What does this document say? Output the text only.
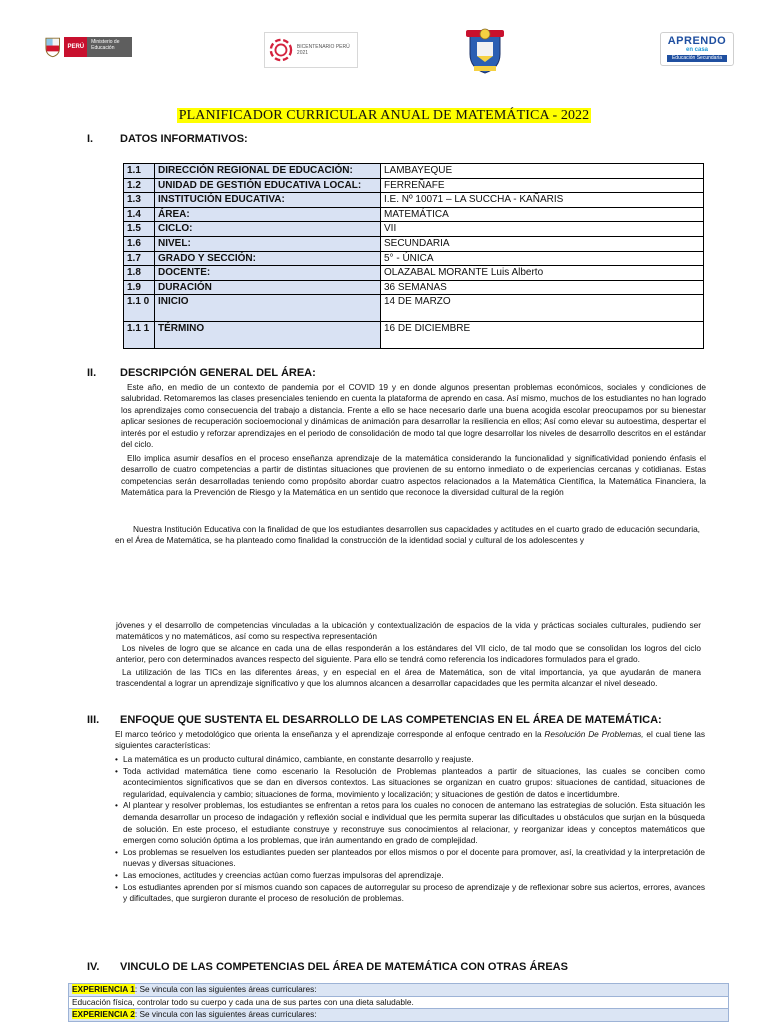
PERÚ
Ministerio de Educación	BICENTENARIO PERÚ 2021
APRENDO
en casa
Educación Secundaria
PLANIFICADOR CURRICULAR ANUAL DE MATEMÁTICA - 2022
I. DATOS INFORMATIVOS:
1.1	DIRECCIÓN REGIONAL DE EDUCACIÓN:	LAMBAYEQUE
1.2	UNIDAD DE GESTIÓN EDUCATIVA LOCAL:	FERREÑAFE
1.3	INSTITUCIÓN EDUCATIVA:	I.E. Nº 10071 – LA SUCCHA - KAÑARIS
1.4	ÁREA:	MATEMÁTICA
1.5	CICLO:	VII
1.6	NIVEL:	SECUNDARIA
1.7	GRADO Y SECCIÓN:	5° - ÚNICA
1.8	DOCENTE:	OLAZABAL MORANTE Luis Alberto
1.9	DURACIÓN	36 SEMANAS
1.1 0	INICIO	14 DE MARZO
1.1 1	TÉRMINO	16 DE DICIEMBRE
II. DESCRIPCIÓN GENERAL DEL ÁREA:
Este año, en medio de un contexto de pandemia por el COVID 19 y en donde algunos presentan problemas económicos, sociales y condiciones de salubridad. Retomaremos las clases presenciales teniendo en cuenta la plataforma de aprendo en casa. Así mismo, muchos de los estudiantes no han logrado los aprendizajes como consecuencia del trabajo a distancia. Frente a ello se hace necesario darle una buena acogida escolar preocupamos por su bienestar aplicar sesiones de recuperación socioemocional y dinámicas de animación para desarrollar la resiliencia en ellos; Así como elevar su autoestima, despertar el interés por el estudio y reforzar aprendizajes en el periodo de consolidación de modo tal que logre desarrollar los niveles de desarrollo descritos en el estándar del ciclo.
Ello implica asumir desafíos en el proceso enseñanza aprendizaje de la matemática considerando la funcionalidad y significatividad poniendo énfasis el desarrollo de cuatro competencias a partir de distintas situaciones que provienen de su entorno inmediato o de experiencias cercanas y cotidianas. Estas competencias serán desarrolladas teniendo como propósito abordar cuatro aspectos relacionados a la Matemática Científica, la Matemática Financiera, la Matemática para la Prevención de Riesgo y la Matemática en un sentido que reconoce la diversidad cultural de la región
Nuestra Institución Educativa con la finalidad de que los estudiantes desarrollen sus capacidades y actitudes en el cuarto grado de educación secundaria, en el Área de Matemática, se ha planteado como finalidad la construcción de la identidad social y cultural de los adolescentes y
jóvenes y el desarrollo de competencias vinculadas a la ubicación y contextualización de espacios de la vida y prácticas sociales culturales, pudiendo ser matemáticos y no matemáticos, así como su respectiva representación
Los niveles de logro que se alcance en cada una de ellas responderán a los estándares del VII ciclo, de tal modo que se consolidan los logros del ciclo anterior, pero con determinados avances respecto del siguiente. Para ello se tendrá como referencia los indicadores formulados para el grado.
La utilización de las TICs en las diferentes áreas, y en especial en el área de Matemática, son de vital importancia, ya que ayudarán de manera trascendental a lograr un aprendizaje significativo y que los alumnos alcancen a desarrollar capacidades que les permita alcanzar el nivel deseado.
III. ENFOQUE QUE SUSTENTA EL DESARROLLO DE LAS COMPETENCIAS EN EL ÁREA DE MATEMÁTICA:
El marco teórico y metodológico que orienta la enseñanza y el aprendizaje corresponde al enfoque centrado en la Resolución De Problemas, el cual tiene las siguientes características:
• La matemática es un producto cultural dinámico, cambiante, en constante desarrollo y reajuste.
• Toda actividad matemática tiene como escenario la Resolución de Problemas planteados a partir de situaciones, las cuales se conciben como acontecimientos significativos que se dan en diversos contextos. Las situaciones se organizan en cuatro grupos: situaciones de cantidad, situaciones de regularidad, equivalencia y cambio; situaciones de forma, movimiento y localización; y situaciones de gestión de datos e incertidumbre.
• Al plantear y resolver problemas, los estudiantes se enfrentan a retos para los cuales no conocen de antemano las estrategias de solución. Esta situación les demanda desarrollar un proceso de indagación y reflexión social e individual que les permita superar las dificultades u obstáculos que surjan en la búsqueda de solución. En este proceso, el estudiante construye y reconstruye sus conocimientos al relacionar, y reorganizar ideas y conceptos matemáticos que emergen como solución óptima a los problemas, que irán aumentando en grado de complejidad.
• Los problemas se resuelven los estudiantes pueden ser planteados por ellos mismos o por el docente para promover, así, la creatividad y la interpretación de nuevas y diversas situaciones.
• Las emociones, actitudes y creencias actúan como fuerzas impulsoras del aprendizaje.
• Los estudiantes aprenden por sí mismos cuando son capaces de autorregular su proceso de aprendizaje y de reflexionar sobre sus aciertos, errores, avances y dificultades, que surgieron durante el proceso de resolución de problemas.
IV. VINCULO DE LAS COMPETENCIAS DEL ÁREA DE MATEMÁTICA CON OTRAS ÁREAS
EXPERIENCIA 1: Se vincula con las siguientes áreas curriculares:
Educación física, controlar todo su cuerpo y cada una de sus partes con una dieta saludable.
EXPERIENCIA 2: Se vincula con las siguientes áreas curriculares:
